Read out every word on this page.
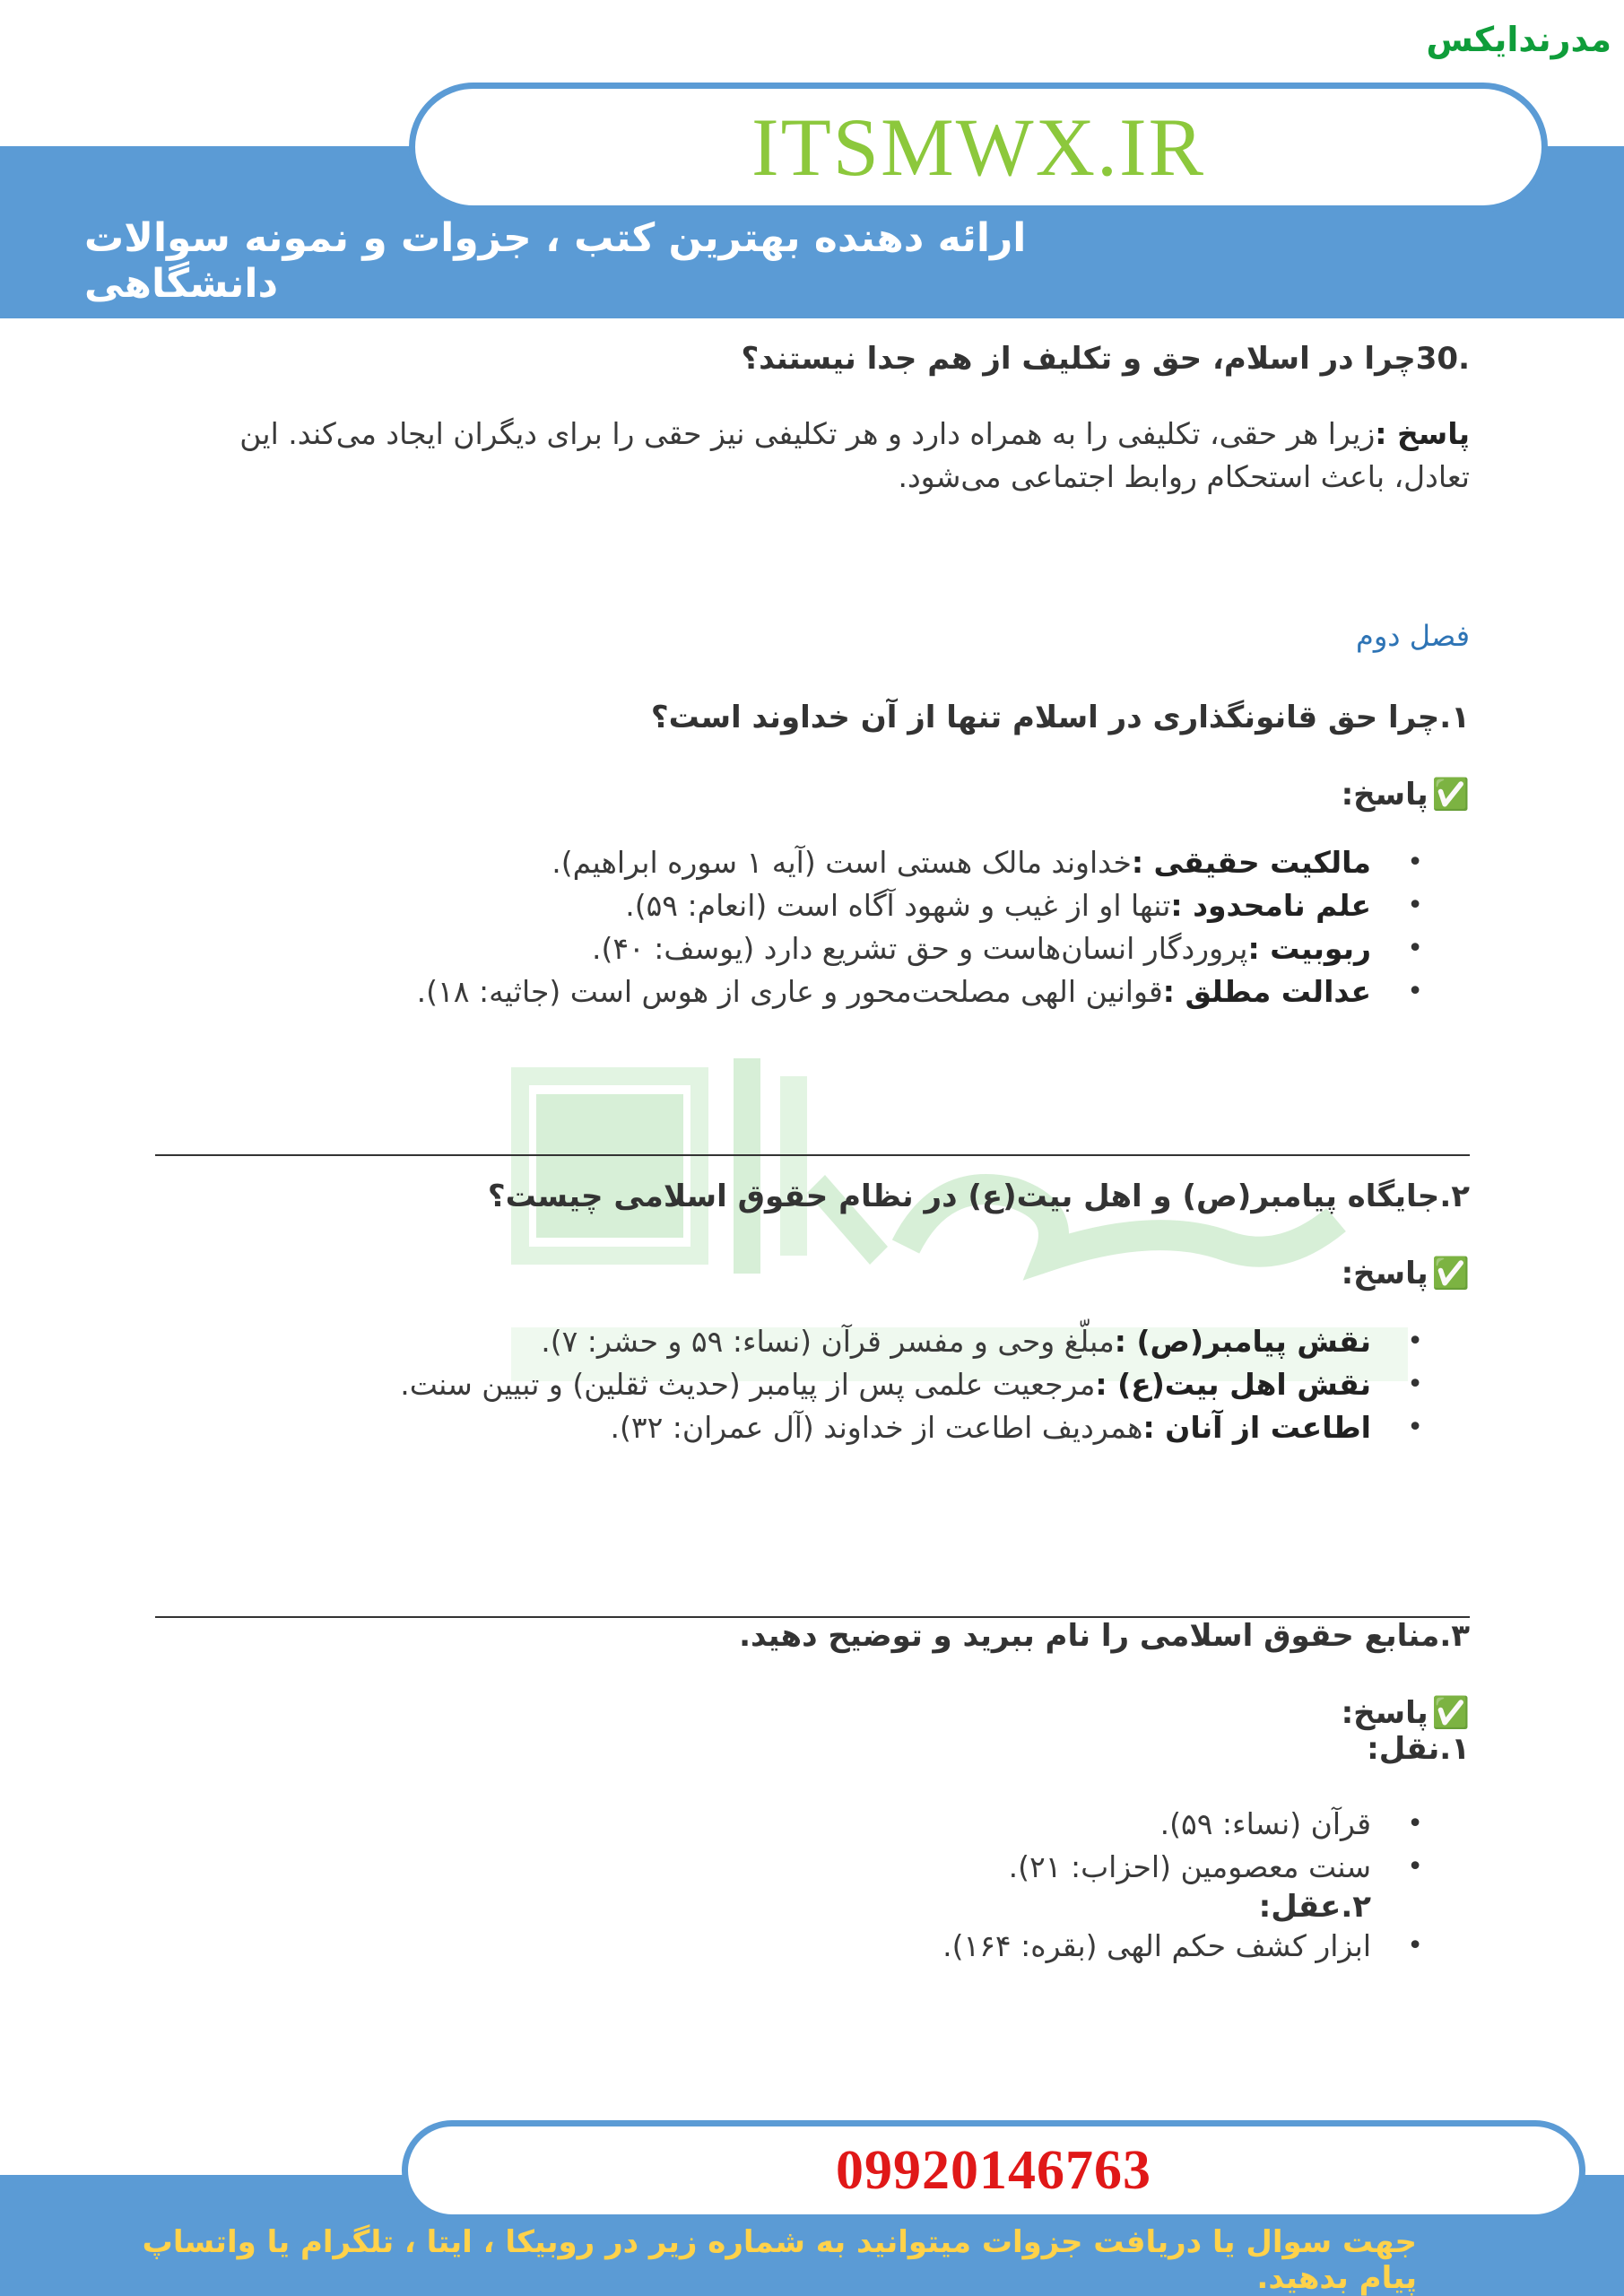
مدرندایکس
ITSMWX.IR
ارائه دهنده بهترین کتب ، جزوات و نمونه سوالات دانشگاهی

.30چرا در اسلام، حق و تکلیف از هم جدا نیستند؟

پاسخ :زیرا هر حقی، تکلیفی را به همراه دارد و هر تکلیفی نیز حقی را برای دیگران ایجاد می‌کند. این تعادل، باعث استحکام روابط اجتماعی می‌شود.

فصل دوم

۱.چرا حق قانونگذاری در اسلام تنها از آن خداوند است؟

✅پاسخ:

• مالکیت حقیقی :خداوند مالک هستی است (آیه ۱ سوره ابراهیم).
• علم نامحدود :تنها او از غیب و شهود آگاه است (انعام: ۵۹).
• ربوبیت :پروردگار انسان‌هاست و حق تشریع دارد (یوسف: ۴۰).
• عدالت مطلق :قوانین الهی مصلحت‌محور و عاری از هوس است (جاثیه: ۱۸).

۲.جایگاه پیامبر(ص) و اهل بیت(ع) در نظام حقوق اسلامی چیست؟

✅پاسخ:

• نقش پیامبر(ص) :مبلّغ وحی و مفسر قرآن (نساء: ۵۹ و حشر: ۷).
• نقش اهل بیت(ع) :مرجعیت علمی پس از پیامبر (حدیث ثقلین) و تبیین سنت.
• اطاعت از آنان :همردیف اطاعت از خداوند (آل عمران: ۳۲).

۳.منابع حقوق اسلامی را نام ببرید و توضیح دهید.

✅پاسخ:

۱.نقل:

• قرآن (نساء: ۵۹).
• سنت معصومین (احزاب: ۲۱).

۲.عقل:

• ابزار کشف حکم الهی (بقره: ۱۶۴).
09920146763
جهت سوال یا دریافت جزوات میتوانید به شماره زیر در روبیکا ، ایتا ، تلگرام یا واتساپ پیام بدهید.
